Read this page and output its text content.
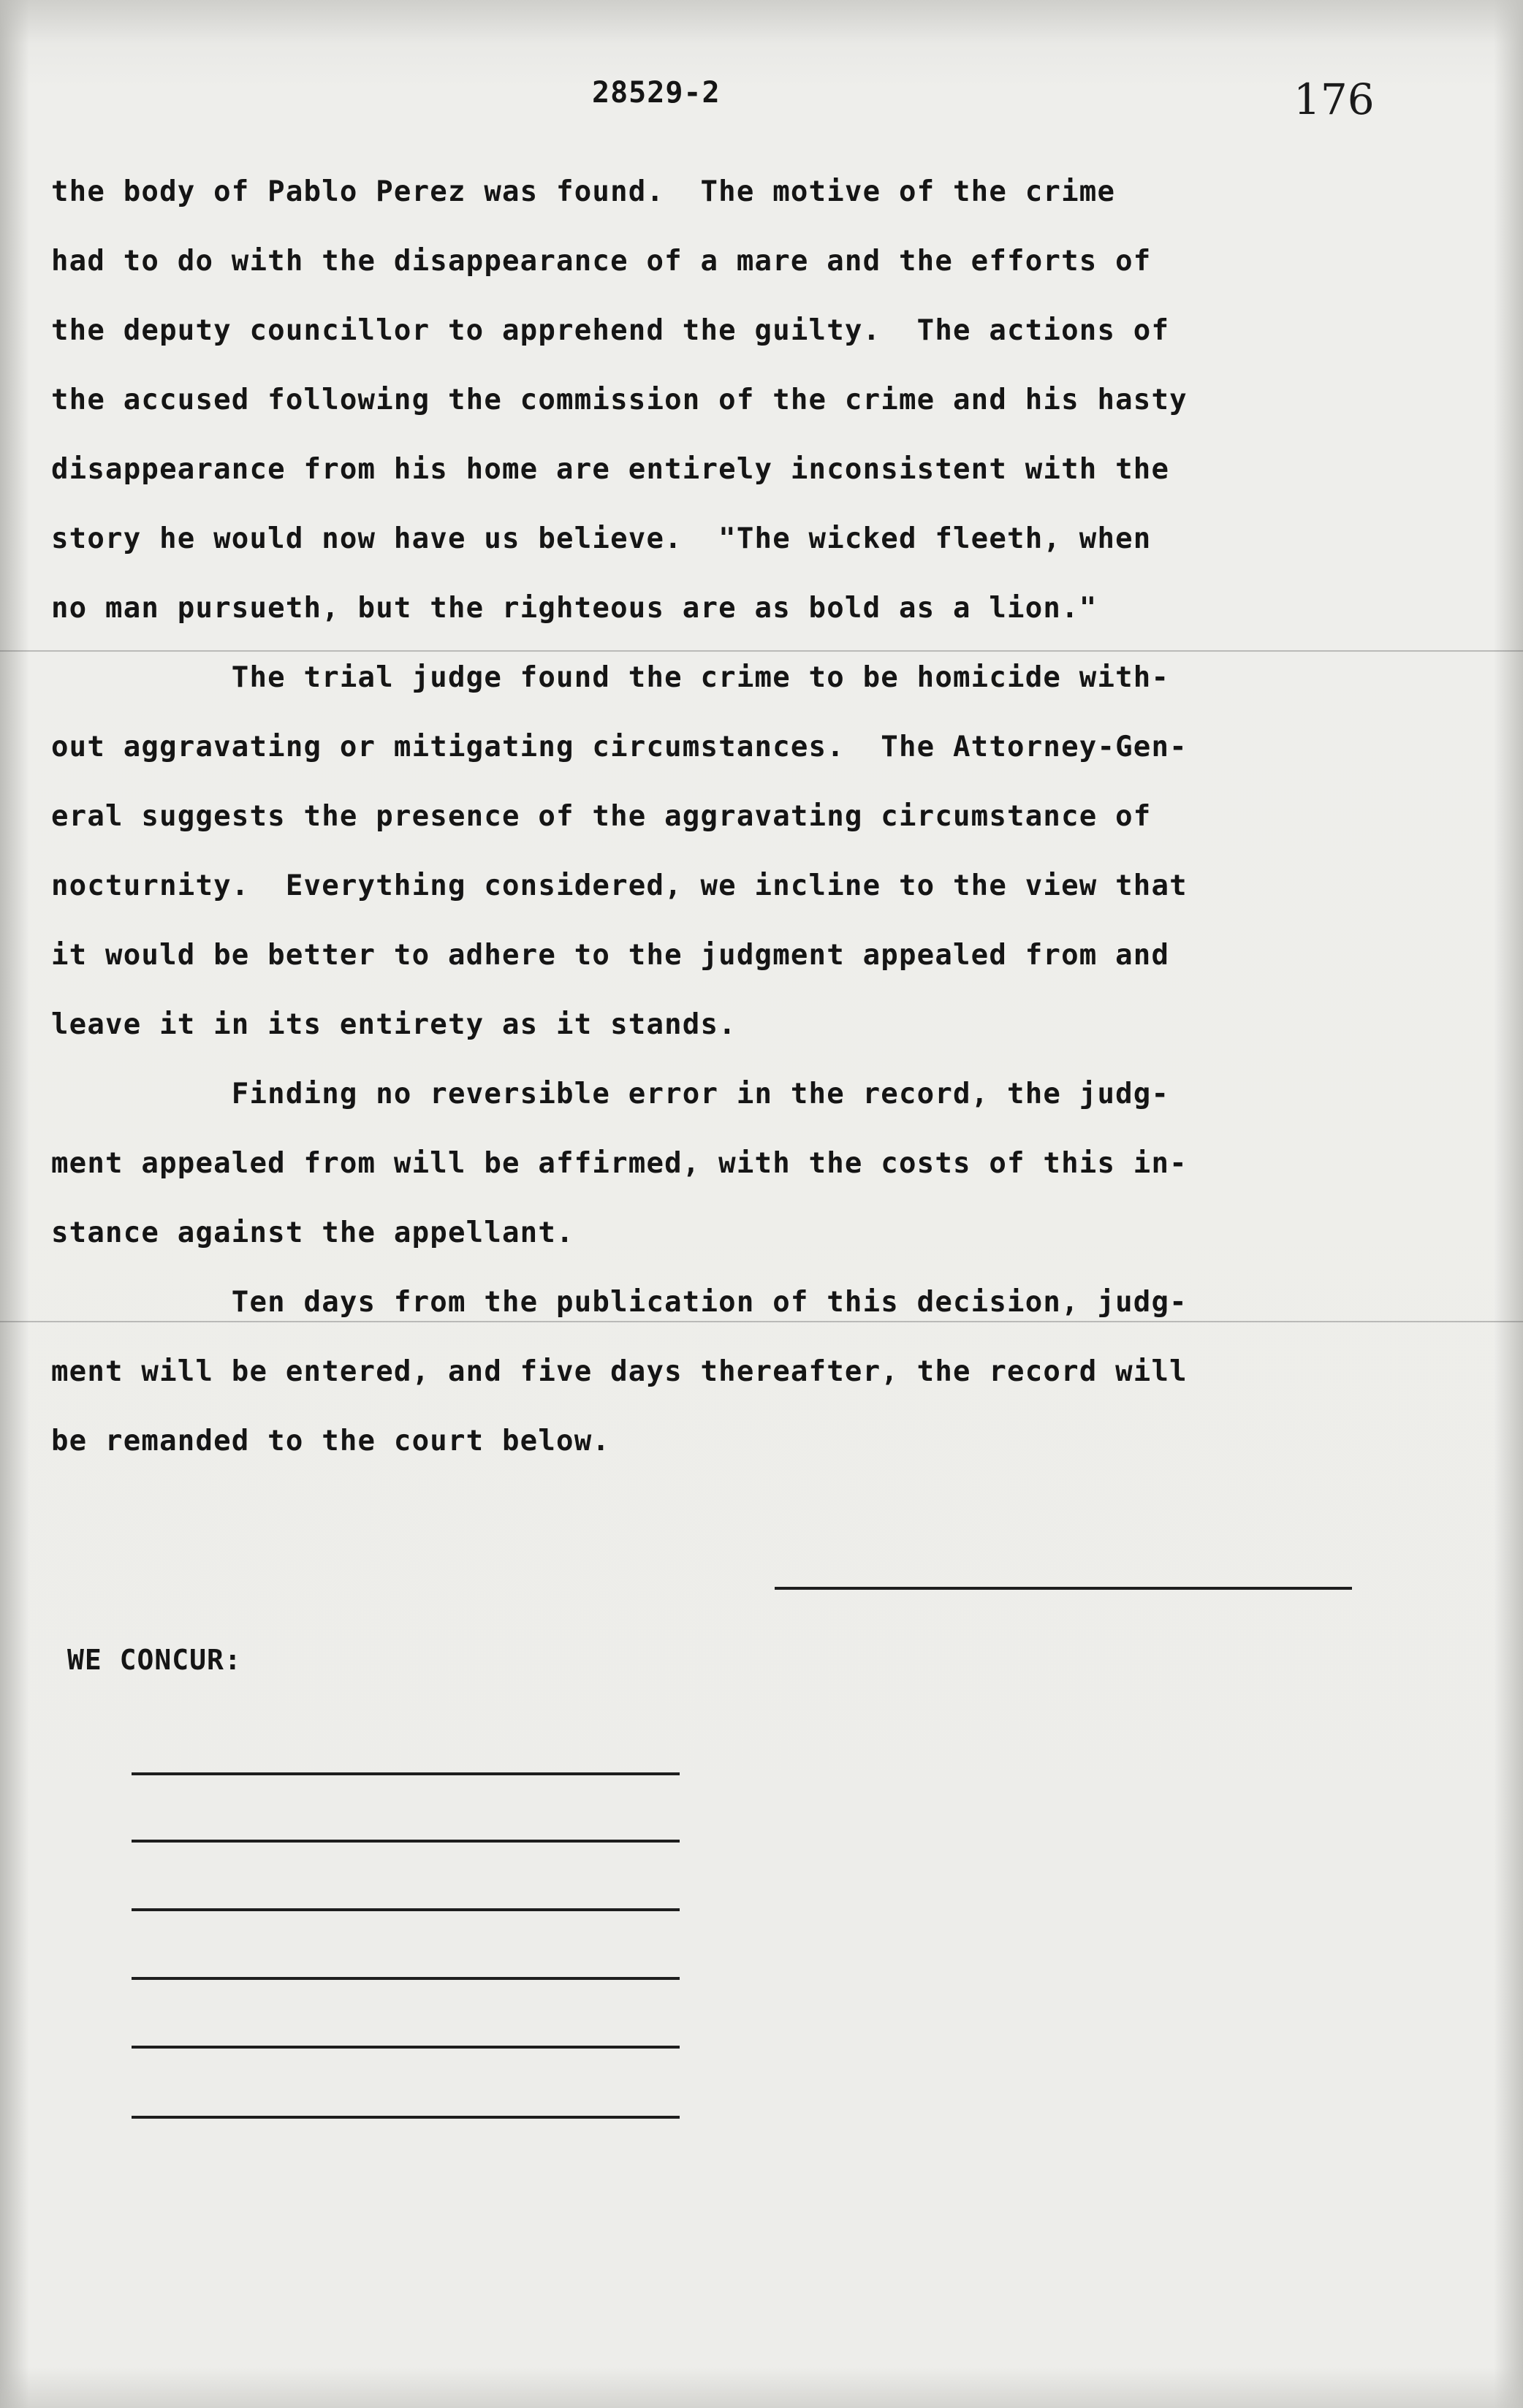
28529-2	176
the body of Pablo Perez was found.  The motive of the crime
had to do with the disappearance of a mare and the efforts of
the deputy councillor to apprehend the guilty.  The actions of
the accused following the commission of the crime and his hasty
disappearance from his home are entirely inconsistent with the
story he would now have us believe.  "The wicked fleeth, when
no man pursueth, but the righteous are as bold as a lion."
The trial judge found the crime to be homicide with-
out aggravating or mitigating circumstances.  The Attorney-Gen-
eral suggests the presence of the aggravating circumstance of
nocturnity.  Everything considered, we incline to the view that
it would be better to adhere to the judgment appealed from and
leave it in its entirety as it stands.
Finding no reversible error in the record, the judg-
ment appealed from will be affirmed, with the costs of this in-
stance against the appellant.
Ten days from the publication of this decision, judg-
ment will be entered, and five days thereafter, the record will
be remanded to the court below.
WE CONCUR:
